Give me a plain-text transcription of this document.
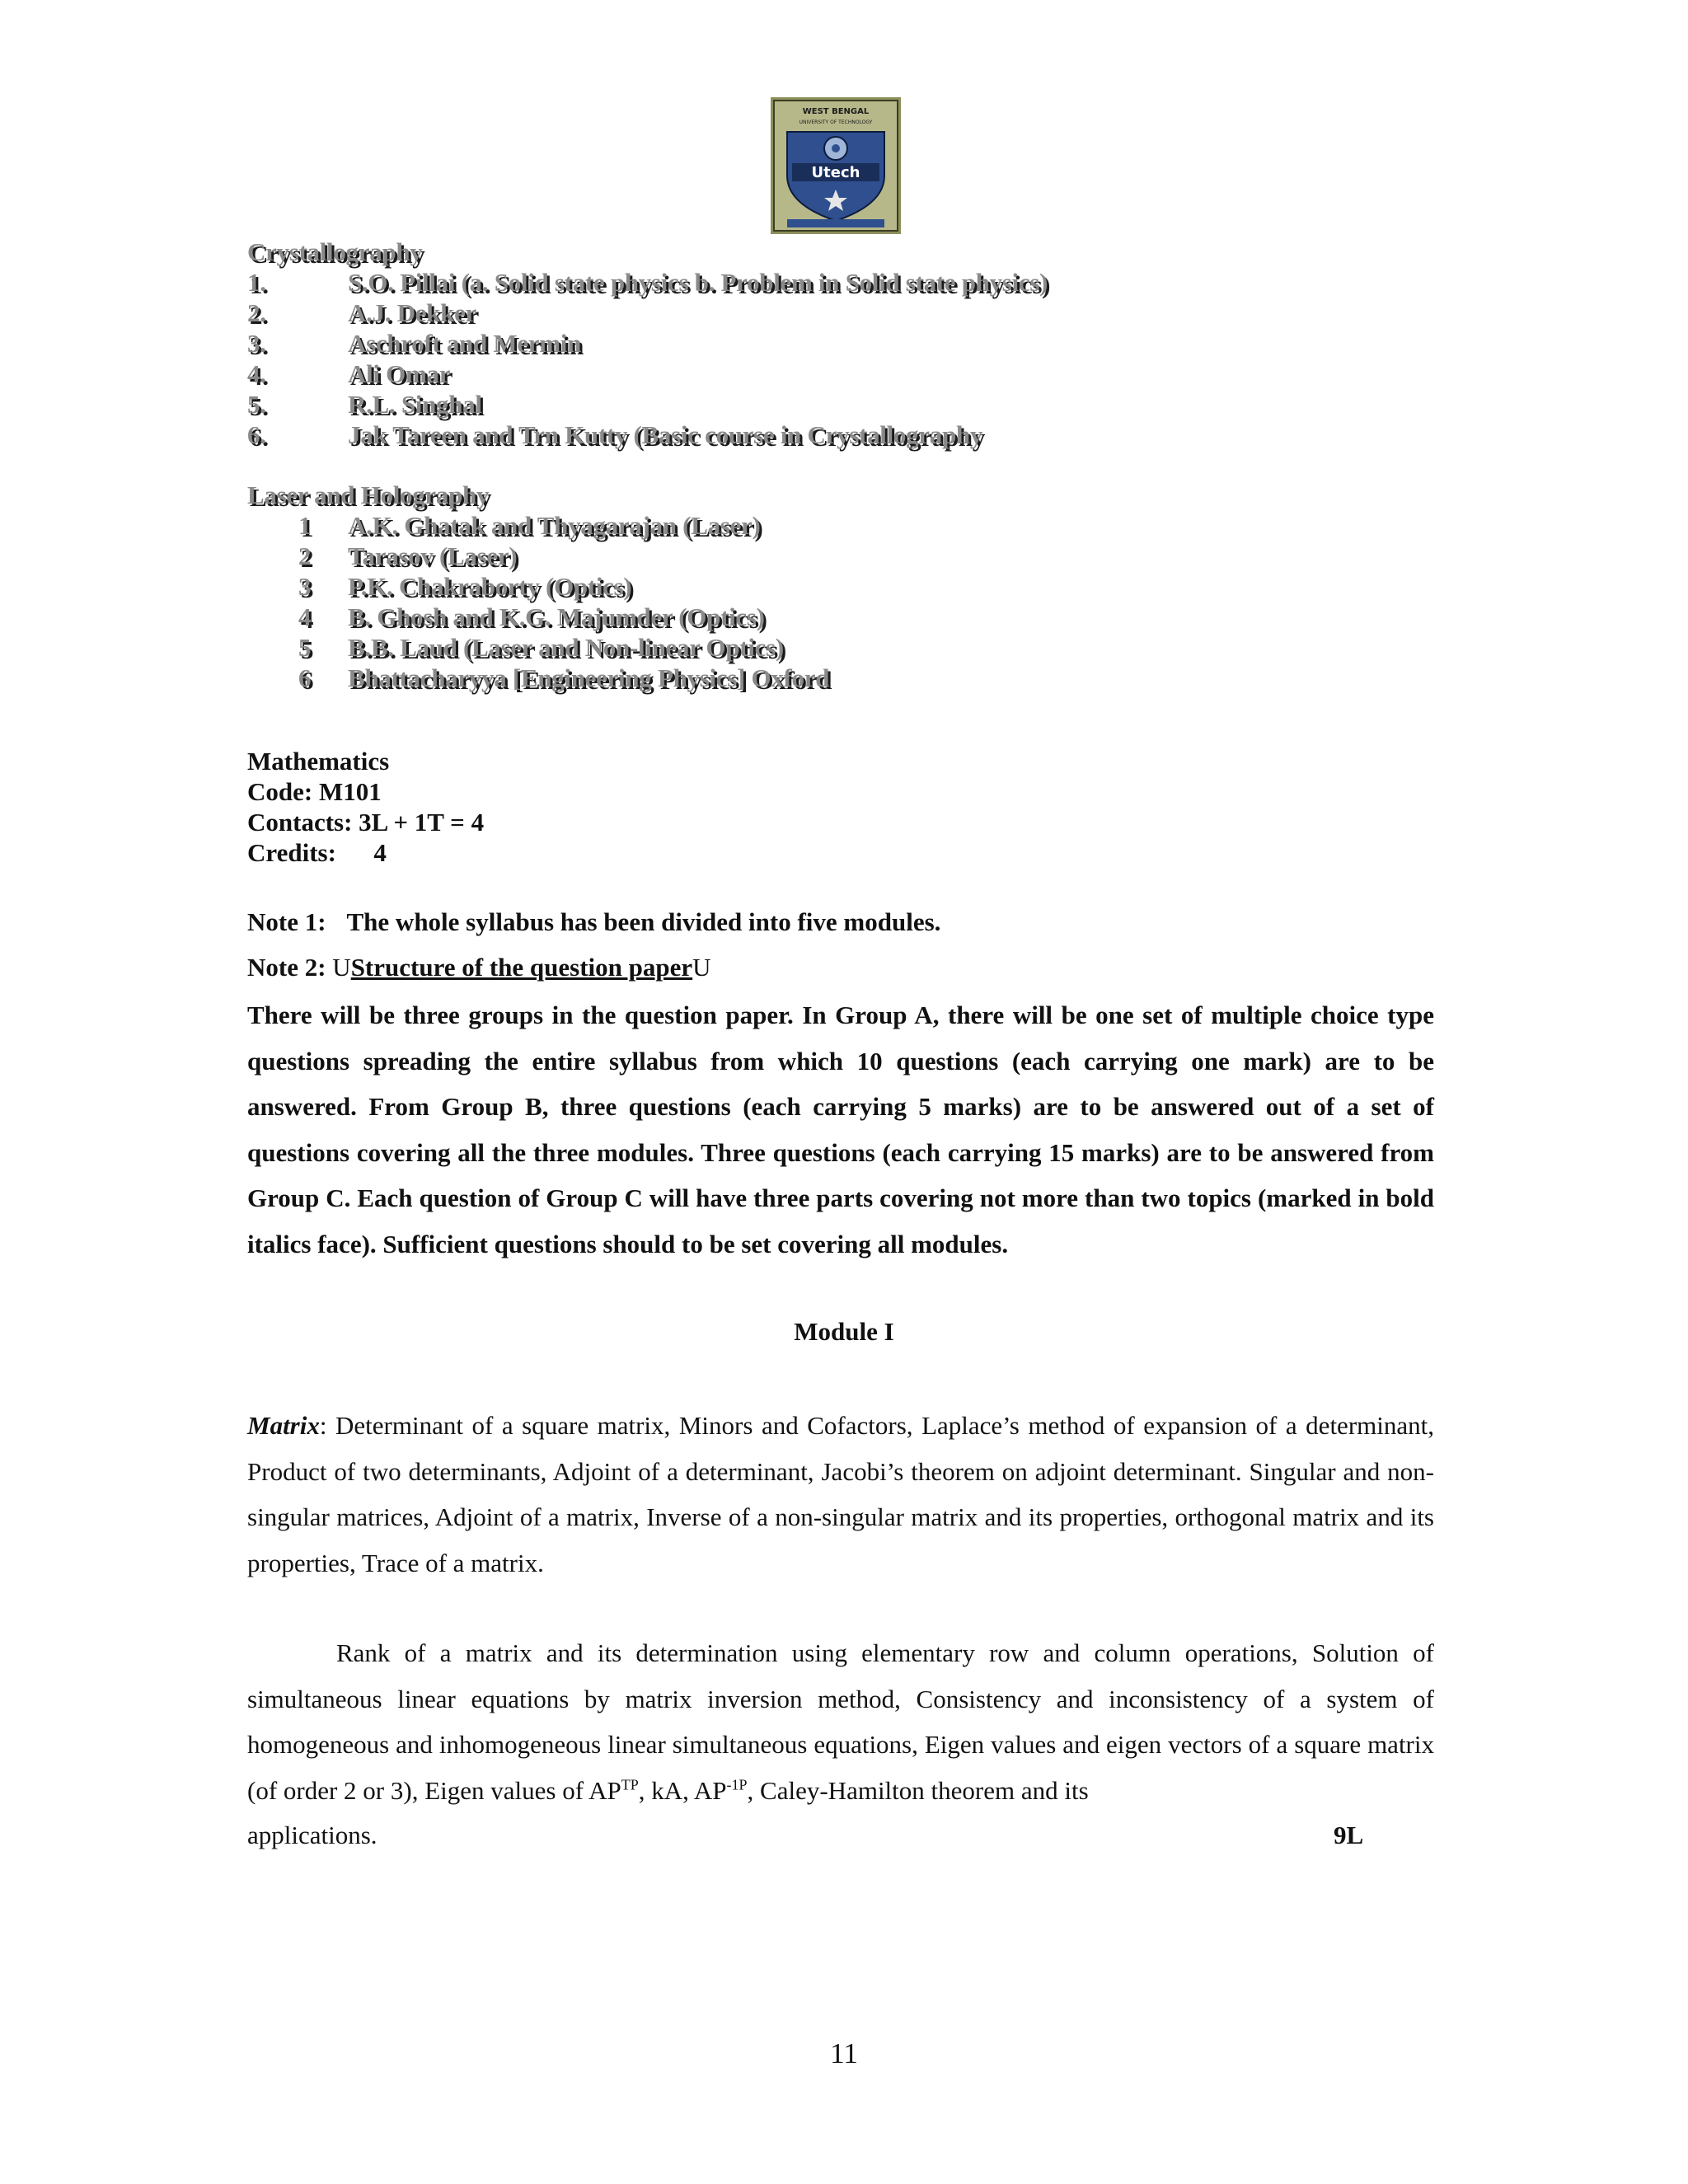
WEST BENGAL
UNIVERSITY OF TECHNOLOGY
Utech
Crystallography
1.	S.O. Pillai (a. Solid state physics b. Problem in Solid state physics)
2.	A.J. Dekker
3.	Aschroft and Mermin
4.	Ali Omar
5.	R.L. Singhal
6.	Jak Tareen and Trn Kutty (Basic course in Crystallography
Laser and Holography
1 A.K. Ghatak and Thyagarajan (Laser)
2 Tarasov (Laser)
3 P.K. Chakraborty (Optics)
4 B. Ghosh and K.G. Majumder (Optics)
5 B.B. Laud (Laser and Non-linear Optics)
6 Bhattacharyya [Engineering Physics] Oxford
Mathematics
Code: M101
Contacts: 3L + 1T = 4
Credits: 4
Note 1: The whole syllabus has been divided into five modules.
Note 2: UStructure of the question paperU
There will be three groups in the question paper. In Group A, there will be one set of multiple choice type questions spreading the entire syllabus from which 10 questions (each carrying one mark) are to be answered. From Group B, three questions (each carrying 5 marks) are to be answered out of a set of questions covering all the three modules. Three questions (each carrying 15 marks) are to be answered from Group C. Each question of Group C will have three parts covering not more than two topics (marked in bold italics face). Sufficient questions should to be set covering all modules.
Module I
Matrix: Determinant of a square matrix, Minors and Cofactors, Laplace’s method of expansion of a determinant, Product of two determinants, Adjoint of a determinant, Jacobi’s theorem on adjoint determinant. Singular and non-singular matrices, Adjoint of a matrix, Inverse of a non-singular matrix and its properties, orthogonal matrix and its properties, Trace of a matrix.
Rank of a matrix and its determination using elementary row and column operations, Solution of simultaneous linear equations by matrix inversion method, Consistency and inconsistency of a system of homogeneous and inhomogeneous linear simultaneous equations, Eigen values and eigen vectors of a square matrix (of order 2 or 3), Eigen values of $AP^{TP}$, kA, $AP^{-1P}$, Caley-Hamilton theorem and its
applications.	9L
11
